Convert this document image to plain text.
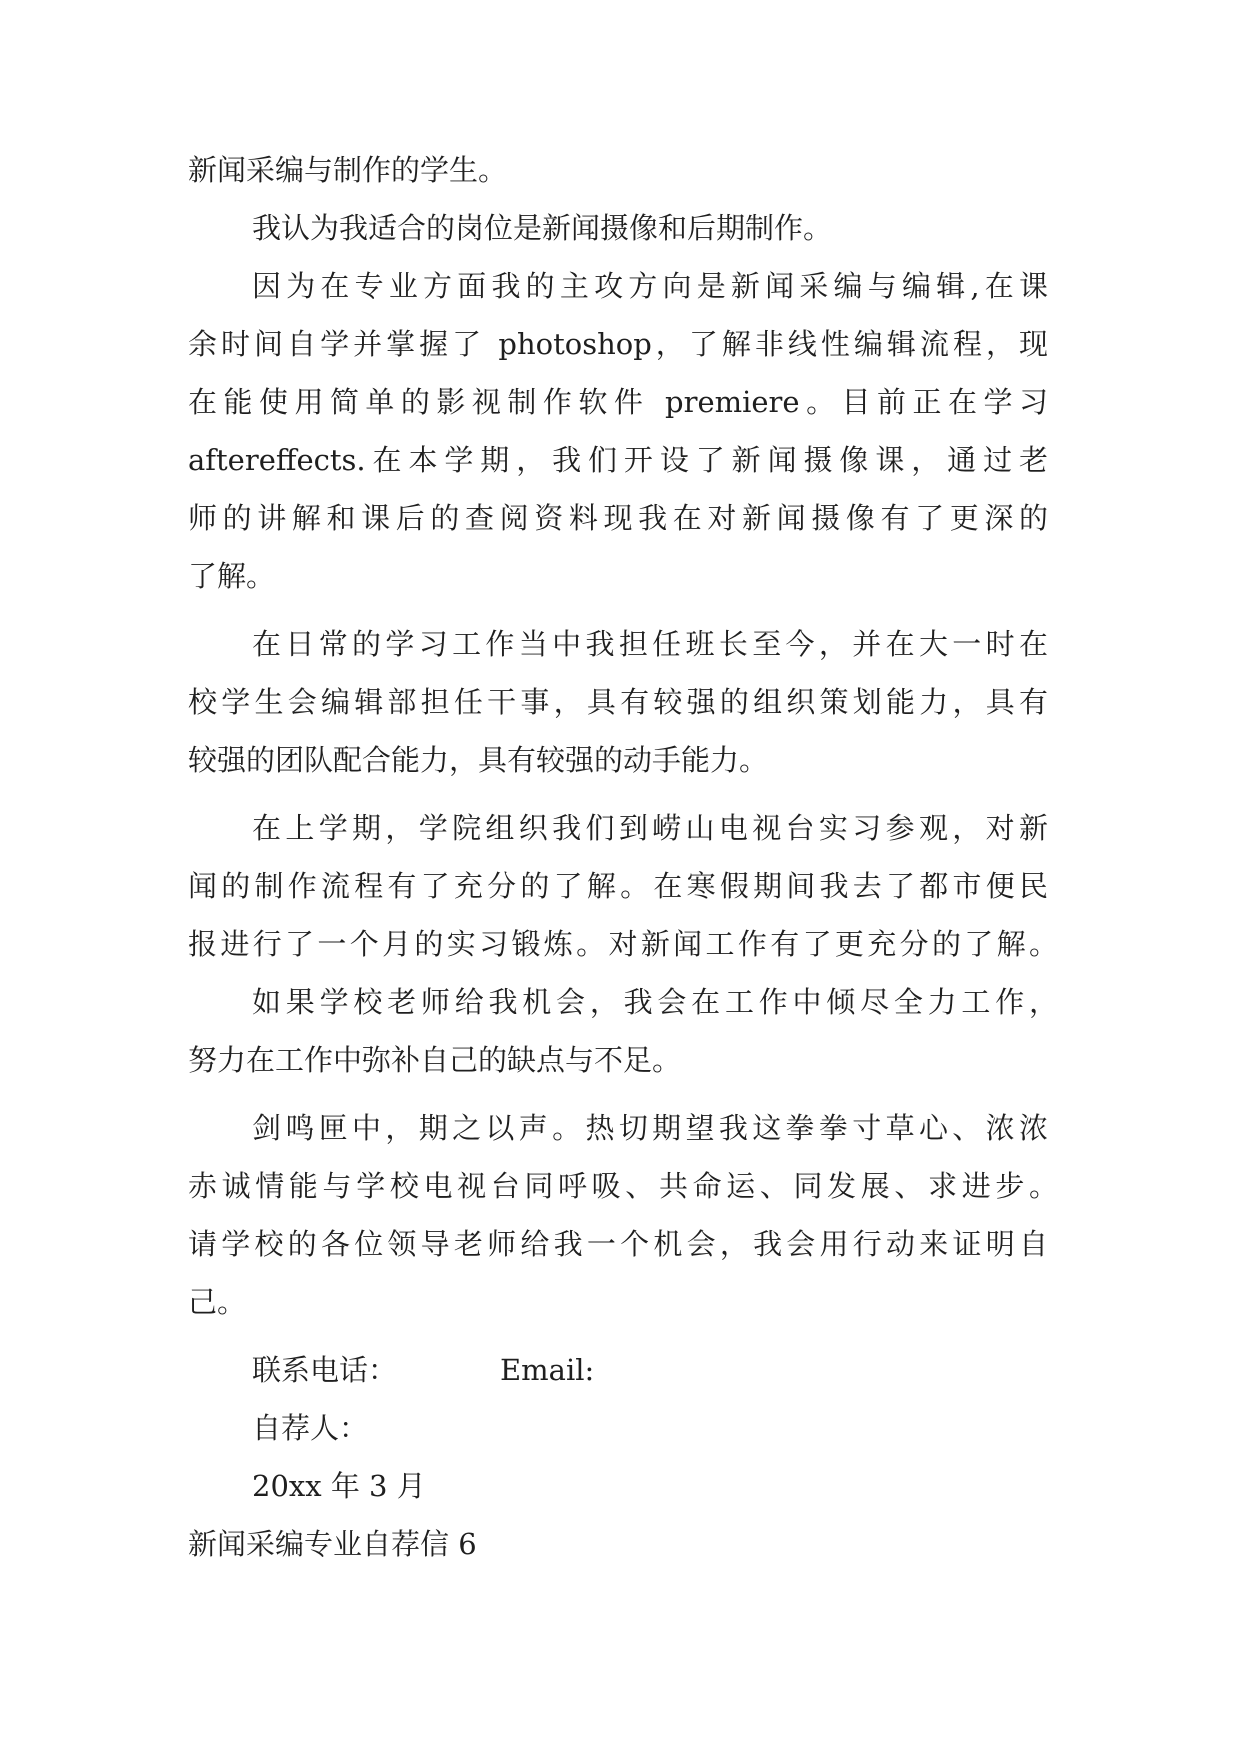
新闻采编与制作的学生。
我认为我适合的岗位是新闻摄像和后期制作。
因为在专业方面我的主攻方向是新闻采编与编辑,在课
余时间自学并掌握了 photoshop，了解非线性编辑流程，现
在能使用简单的影视制作软件 premiere。目前正在学习
aftereffects.在本学期，我们开设了新闻摄像课，通过老
师的讲解和课后的查阅资料现我在对新闻摄像有了更深的
了解。
在日常的学习工作当中我担任班长至今，并在大一时在
校学生会编辑部担任干事，具有较强的组织策划能力，具有
较强的团队配合能力，具有较强的动手能力。
在上学期，学院组织我们到崂山电视台实习参观，对新
闻的制作流程有了充分的了解。在寒假期间我去了都市便民
报进行了一个月的实习锻炼。对新闻工作有了更充分的了解。
如果学校老师给我机会，我会在工作中倾尽全力工作，
努力在工作中弥补自己的缺点与不足。
剑鸣匣中，期之以声。热切期望我这拳拳寸草心、浓浓
赤诚情能与学校电视台同呼吸、共命运、同发展、求进步。
请学校的各位领导老师给我一个机会，我会用行动来证明自
己。
联系电话：	Email:
自荐人：
20xx 年 3 月
新闻采编专业自荐信 6
